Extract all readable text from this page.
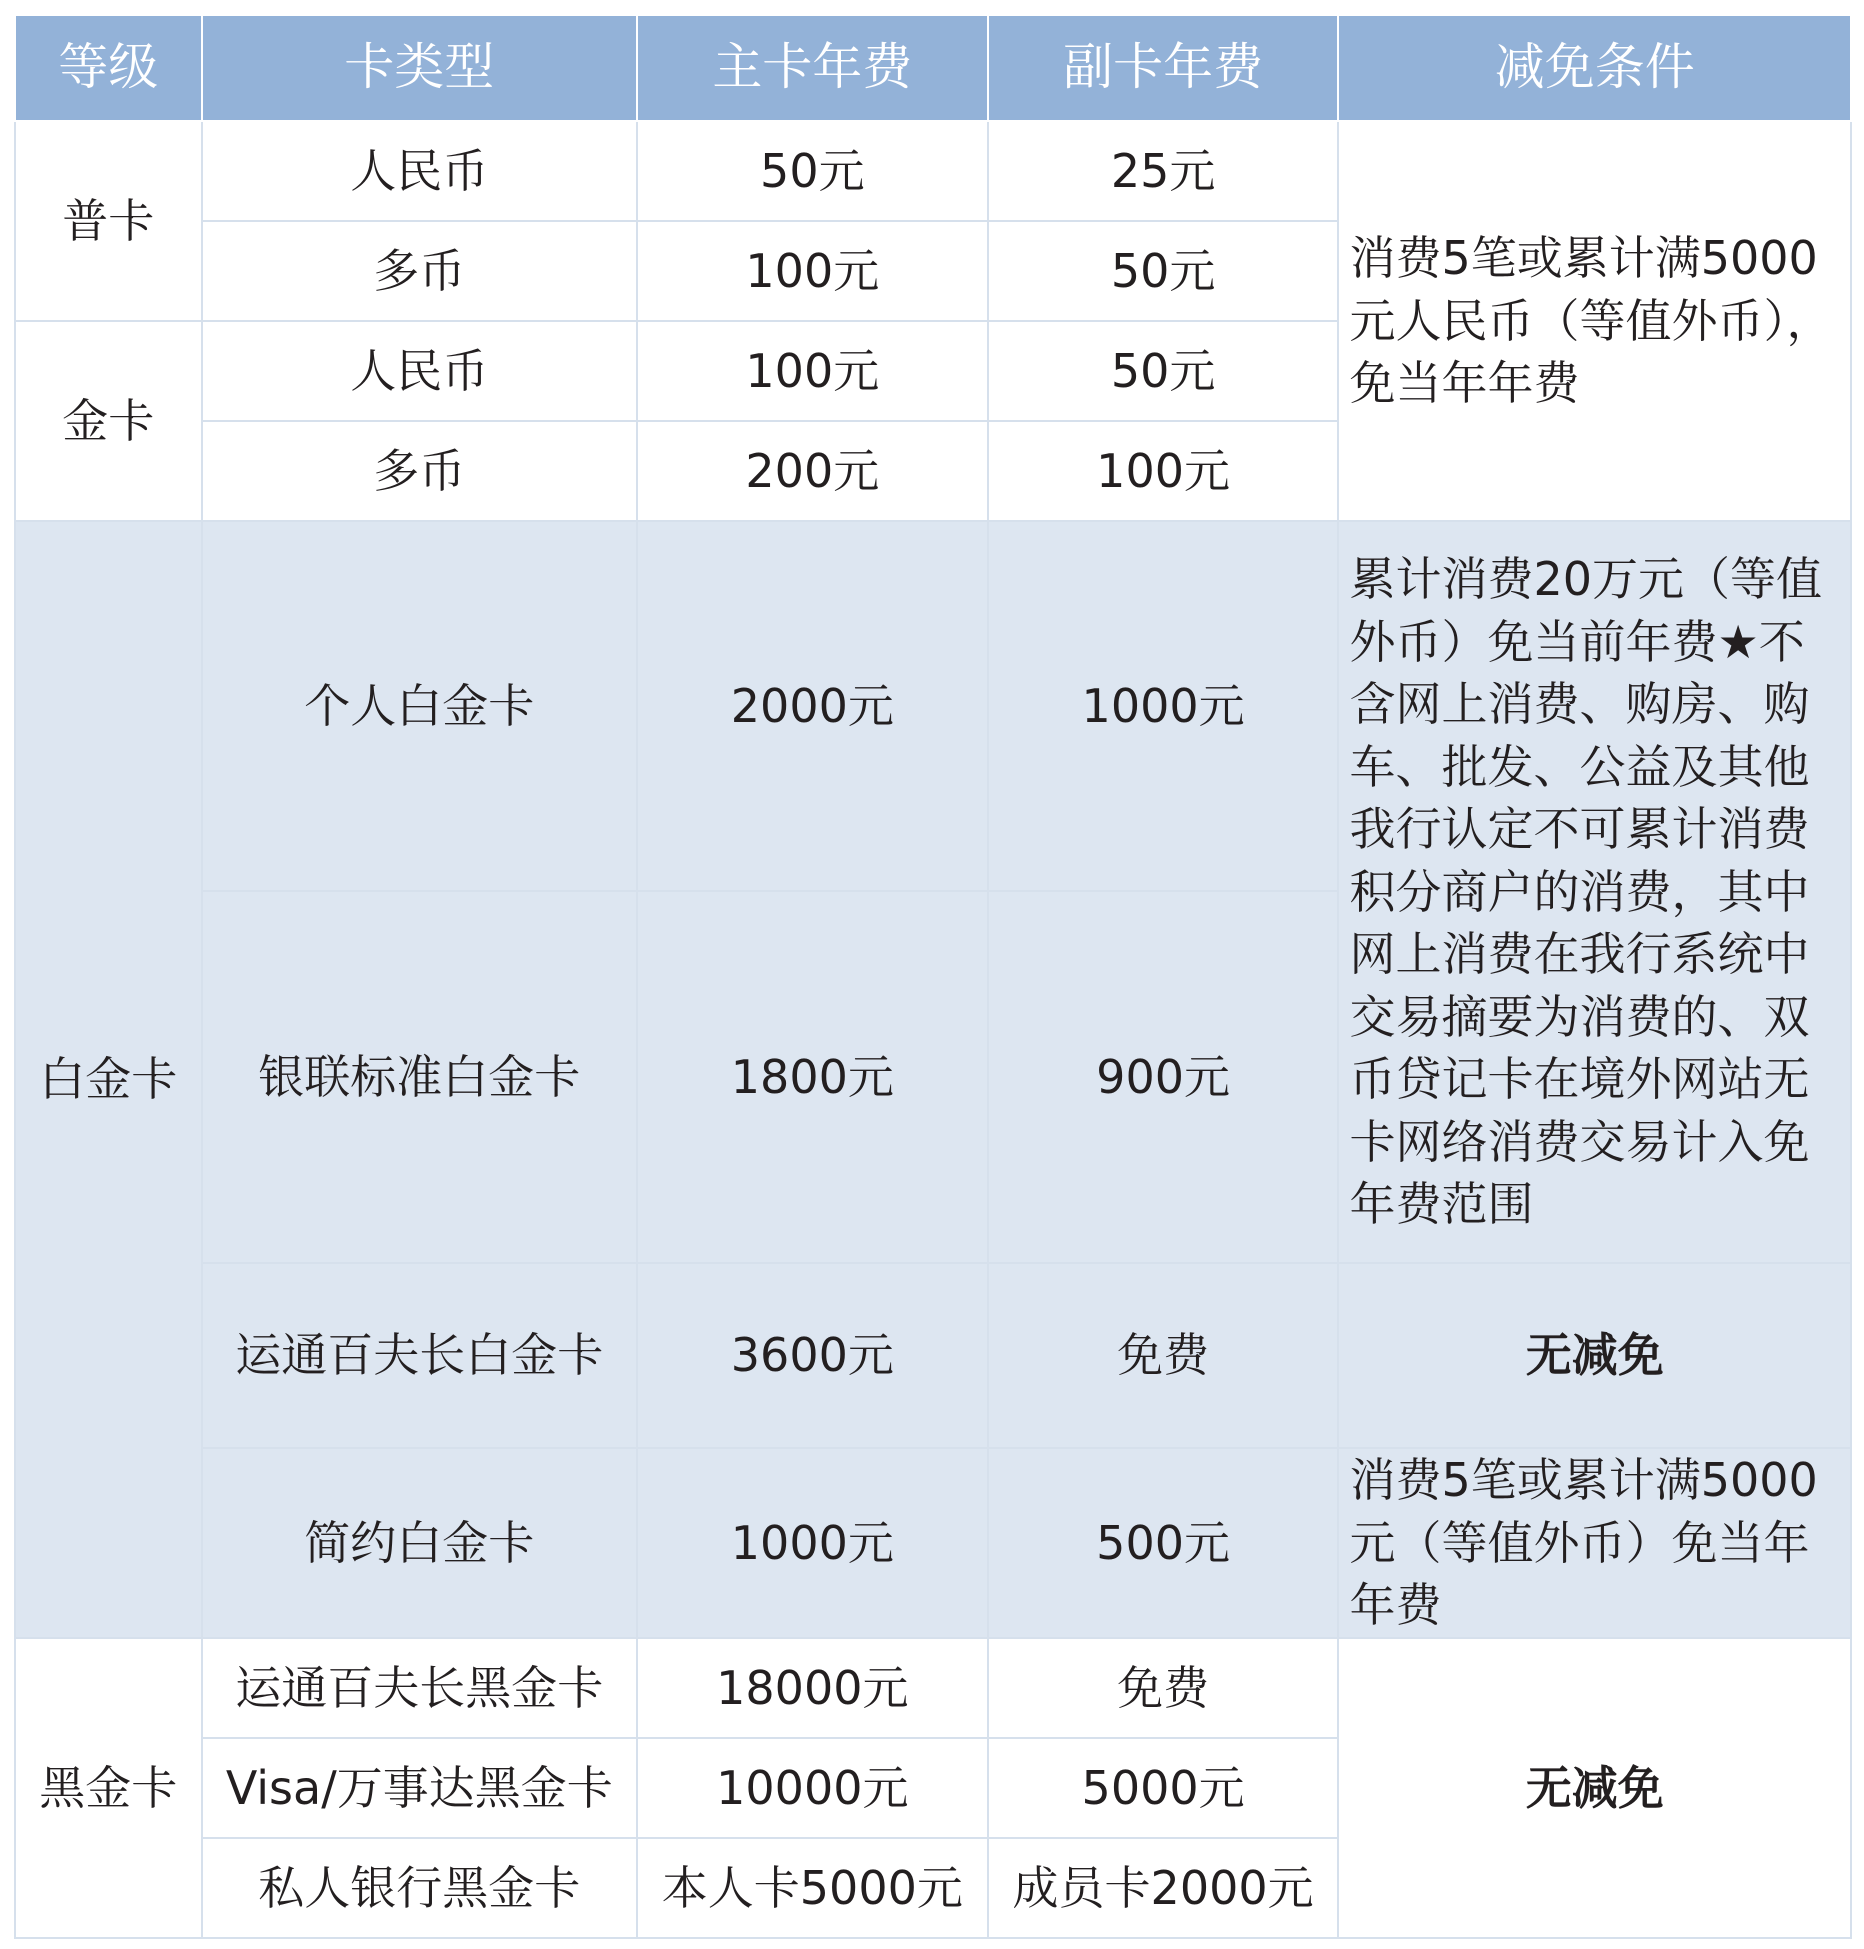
等级	卡类型	主卡年费	副卡年费	减免条件
普卡	人民币	50元	25元	消费5笔或累计满5000元人民币（等值外币），免当年年费
	多币	100元	50元	
金卡	人民币	100元	50元	
	多币	200元	100元	
白金卡	个人白金卡	2000元	1000元	累计消费20万元（等值外币）免当前年费★不含网上消费、购房、购车、批发、公益及其他我行认定不可累计消费积分商户的消费，其中网上消费在我行系统中交易摘要为消费的、双币贷记卡在境外网站无卡网络消费交易计入免年费范围
	银联标准白金卡	1800元	900元	
	运通百夫长白金卡	3600元	免费	无减免
	简约白金卡	1000元	500元	消费5笔或累计满5000元（等值外币）免当年年费
黑金卡	运通百夫长黑金卡	18000元	免费	无减免
	Visa/万事达黑金卡	10000元	5000元	
	私人银行黑金卡	本人卡5000元	成员卡2000元	
